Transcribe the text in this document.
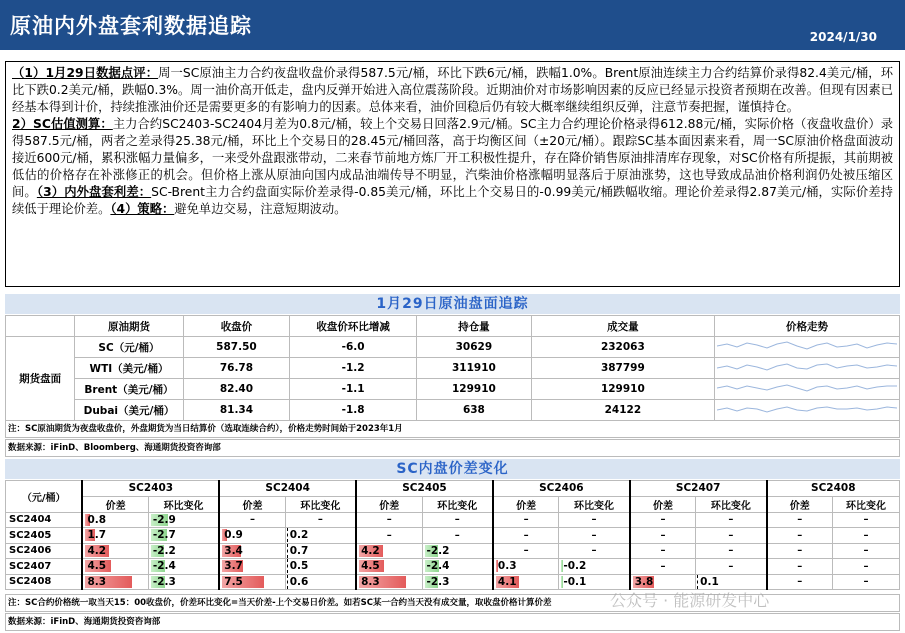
原油内外盘套利数据追踪	2024/1/30
（1）1月29日数据点评：周一SC原油主力合约夜盘收盘价录得587.5元/桶，环比下跌6元/桶，跌幅1.0%。Brent原油连续主力合约结算价录得82.4美元/桶，环比下跌0.2美元/桶，跌幅0.3%。周一油价高开低走，盘内反弹开始进入高位震荡阶段。近期油价对市场影响因素的反应已经显示投资者预期在改善。但现有因素已经基本得到计价，持续推涨油价还是需要更多的有影响力的因素。总体来看，油价回稳后仍有较大概率继续组织反弹，注意节奏把握，谨慎持仓。
2）SC估值测算：主力合约SC2403-SC2404月差为0.8元/桶，较上个交易日回落2.9元/桶。SC主力合约理论价格录得612.88元/桶，实际价格（夜盘收盘价）录得587.5元/桶，两者之差录得25.38元/桶，环比上个交易日的28.45元/桶回落，高于均衡区间（±20元/桶）。跟踪SC基本面因素来看，周一SC原油价格盘面波动接近600元/桶，累积涨幅力量偏多，一来受外盘跟涨带动，二来春节前地方炼厂开工积极性提升，存在降价销售原油排清库存现象，对SC价格有所提振，其前期被低估的价格存在补涨修正的机会。但价格上涨从原油向国内成品油端传导不明显，汽柴油价格涨幅明显落后于原油涨势，这也导致成品油价格利润仍处被压缩区间。（3）内外盘套利差：SC-Brent主力合约盘面实际价差录得-0.85美元/桶，环比上个交易日的-0.99美元/桶跌幅收缩。理论价差录得2.87美元/桶，实际价差持续低于理论价差。（4）策略：避免单边交易，注意短期波动。
1月29日原油盘面追踪
	原油期货	收盘价	收盘价环比增减	持仓量	成交量	价格走势
期货盘面	SC（元/桶）	587.50	-6.0	30629	232063	
	WTI（美元/桶）	76.78	-1.2	311910	387799	
	Brent（美元/桶）	82.40	-1.1	129910	129910	
	Dubai（美元/桶）	81.34	-1.8	638	24122	
注：SC原油期货为夜盘收盘价，外盘期货为当日结算价（选取连续合约），价格走势时间始于2023年1月
数据来源：iFinD、Bloomberg、海通期货投资咨询部
SC内盘价差变化
（元/桶）	SC2403		SC2404		SC2405		SC2406		SC2407		SC2408	
	价差	环比变化	价差	环比变化	价差	环比变化	价差	环比变化	价差	环比变化	价差	环比变化
SC2404	0.8	-2.9	–	–	–	–	–	–	–	–	–	–
SC2405	1.7	-2.7	0.9	0.2	–	–	–	–	–	–	–	–
SC2406	4.2	-2.2	3.4	0.7	4.2	-2.2	–	–	–	–	–	–
SC2407	4.5	-2.4	3.7	0.5	4.5	-2.4	0.3	-0.2	–	–	–	–
SC2408	8.3	-2.3	7.5	0.6	8.3	-2.3	4.1	-0.1	3.8	0.1	–	–
注：SC合约价格统一取当天15：00收盘价，价差环比变化=当天价差-上个交易日价差。如若SC某一合约当天没有成交量，取收盘价格计算价差
数据来源：iFinD、海通期货投资咨询部
公众号 · 能源研发中心
